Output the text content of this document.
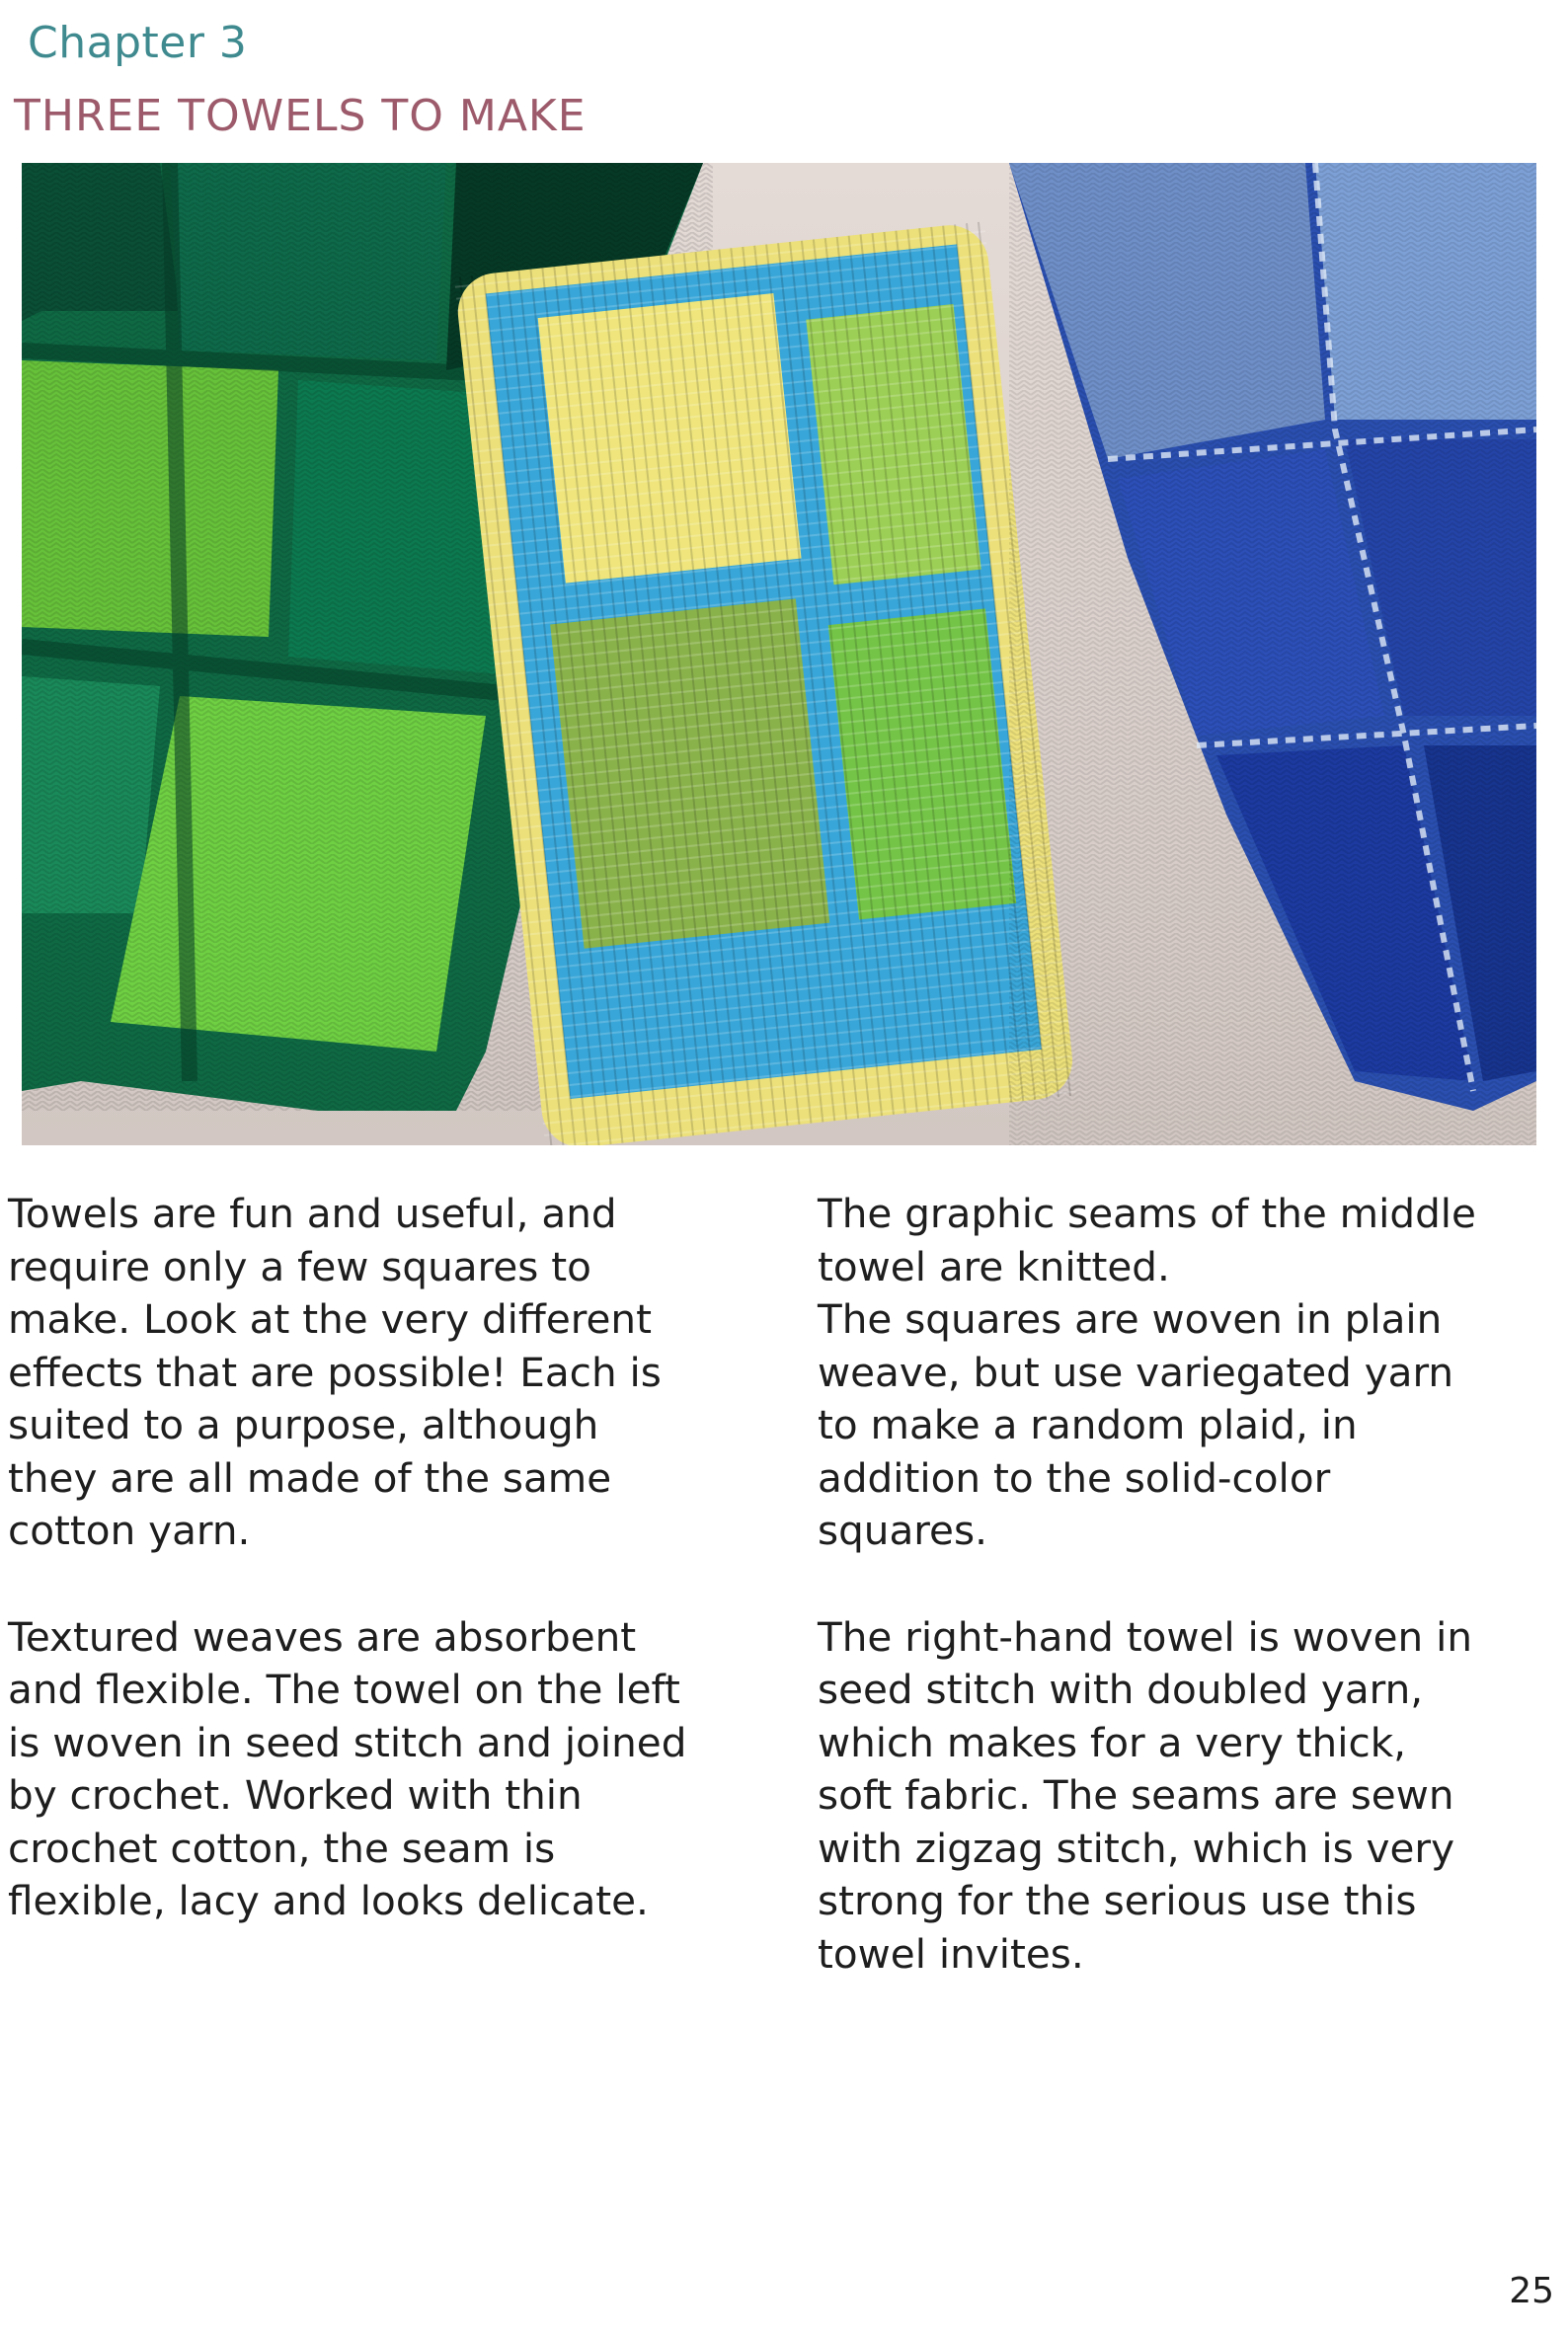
Chapter 3
THREE TOWELS TO MAKE

Towels are fun and useful, and
require only a few squares to
make. Look at the very different
effects that are possible! Each is
suited to a purpose, although
they are all made of the same
cotton yarn.

Textured weaves are absorbent
and flexible. The towel on the left
is woven in seed stitch and joined
by crochet. Worked with thin
crochet cotton, the seam is
flexible, lacy and looks delicate.

The graphic seams of the middle
towel are knitted.
The squares are woven in plain
weave, but use variegated yarn
to make a random plaid, in
addition to the solid-color
squares.

The right-hand towel is woven in
seed stitch with doubled yarn,
which makes for a very thick,
soft fabric. The seams are sewn
with zigzag stitch, which is very
strong for the serious use this
towel invites.

25
